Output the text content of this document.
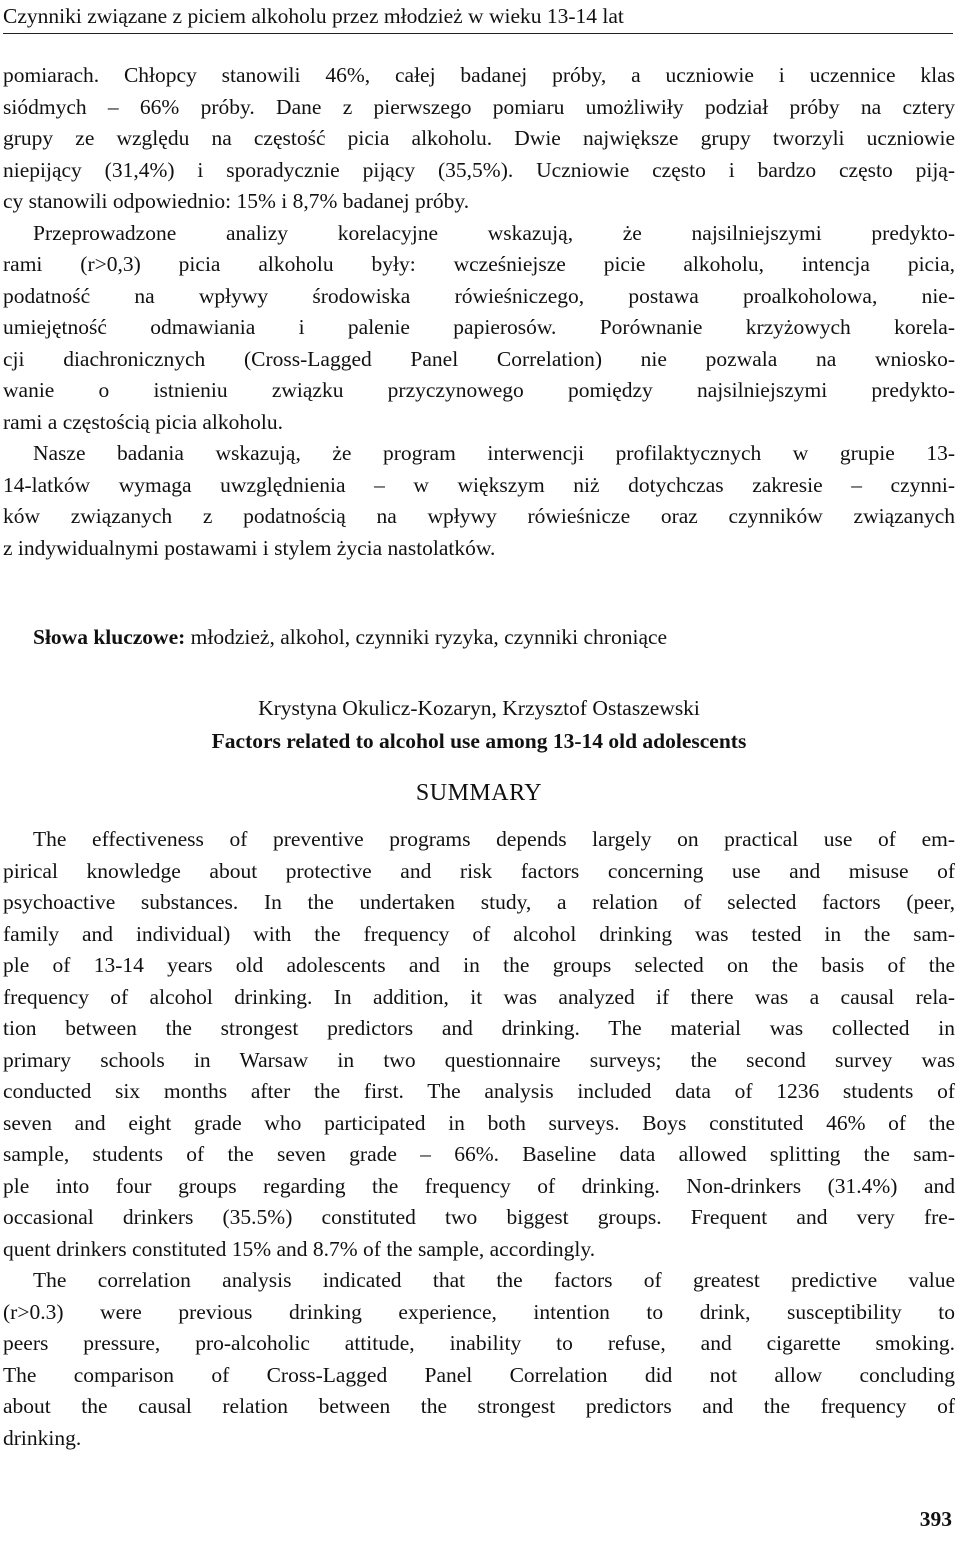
Czynniki związane z piciem alkoholu przez młodzież w wieku 13-14 lat
pomiarach. Chłopcy stanowili 46%, całej badanej próby, a uczniowie i uczennice klas
siódmych – 66% próby. Dane z pierwszego pomiaru umożliwiły podział próby na cztery
grupy ze względu na częstość picia alkoholu. Dwie największe grupy tworzyli uczniowie
niepijący (31,4%) i sporadycznie pijący (35,5%). Uczniowie często i bardzo często piją-
cy stanowili odpowiednio: 15% i 8,7% badanej próby.
Przeprowadzone analizy korelacyjne wskazują, że najsilniejszymi predykto-
rami (r>0,3) picia alkoholu były: wcześniejsze picie alkoholu, intencja picia,
podatność na wpływy środowiska rówieśniczego, postawa proalkoholowa, nie-
umiejętność odmawiania i palenie papierosów. Porównanie krzyżowych korela-
cji diachronicznych (Cross-Lagged Panel Correlation) nie pozwala na wniosko-
wanie o istnieniu związku przyczynowego pomiędzy najsilniejszymi predykto-
rami a częstością picia alkoholu.
Nasze badania wskazują, że program interwencji profilaktycznych w grupie 13-
14-latków wymaga uwzględnienia – w większym niż dotychczas zakresie – czynni-
ków związanych z podatnością na wpływy rówieśnicze oraz czynników związanych
z indywidualnymi postawami i stylem życia nastolatków.
Słowa kluczowe: młodzież, alkohol, czynniki ryzyka, czynniki chroniące
Krystyna Okulicz-Kozaryn, Krzysztof Ostaszewski
Factors related to alcohol use among 13-14 old adolescents
SUMMARY
The effectiveness of preventive programs depends largely on practical use of em-
pirical knowledge about protective and risk factors concerning use and misuse of
psychoactive substances. In the undertaken study, a relation of selected factors (peer,
family and individual) with the frequency of alcohol drinking was tested in the sam-
ple of 13-14 years old adolescents and in the groups selected on the basis of the
frequency of alcohol drinking. In addition, it was analyzed if there was a causal rela-
tion between the strongest predictors and drinking. The material was collected in
primary schools in Warsaw in two questionnaire surveys; the second survey was
conducted six months after the first. The analysis included data of 1236 students of
seven and eight grade who participated in both surveys. Boys constituted 46% of the
sample, students of the seven grade – 66%. Baseline data allowed splitting the sam-
ple into four groups regarding the frequency of drinking. Non-drinkers (31.4%) and
occasional drinkers (35.5%) constituted two biggest groups. Frequent and very fre-
quent drinkers constituted 15% and 8.7% of the sample, accordingly.
The correlation analysis indicated that the factors of greatest predictive value
(r>0.3) were previous drinking experience, intention to drink, susceptibility to
peers pressure, pro-alcoholic attitude, inability to refuse, and cigarette smoking.
The comparison of Cross-Lagged Panel Correlation did not allow concluding
about the causal relation between the strongest predictors and the frequency of
drinking.
393
